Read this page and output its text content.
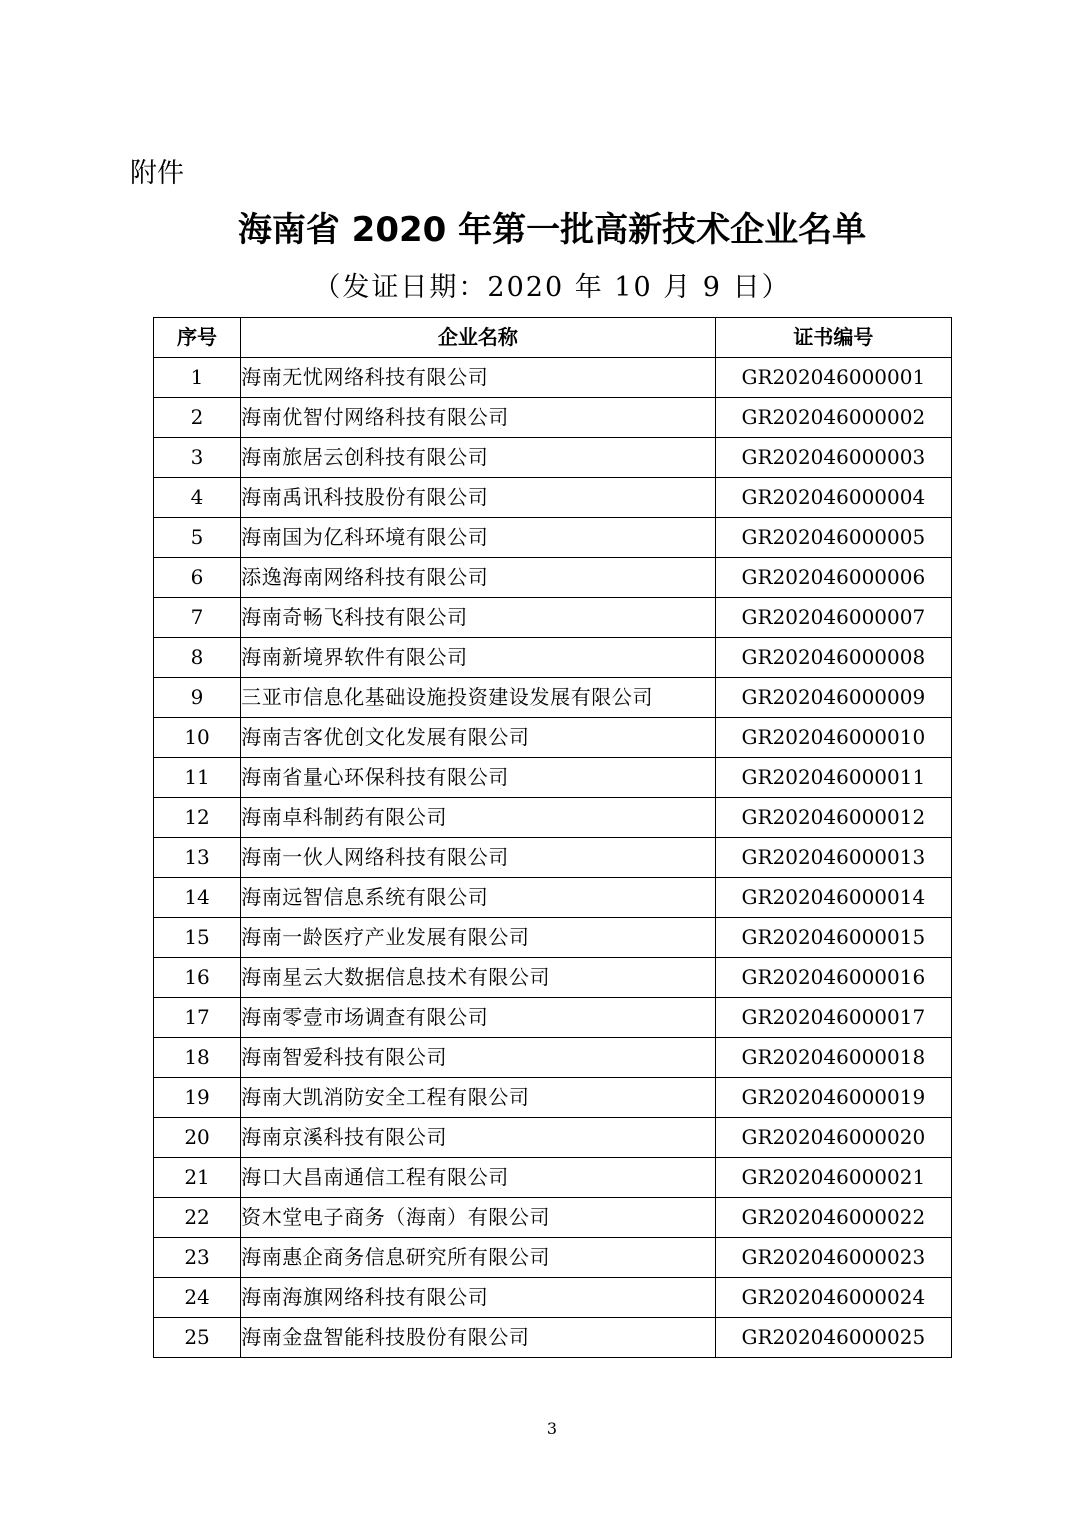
附件
海南省 2020 年第一批高新技术企业名单
（发证日期：2020 年 10 月 9 日）
序号	企业名称	证书编号
1	海南无忧网络科技有限公司	GR202046000001
2	海南优智付网络科技有限公司	GR202046000002
3	海南旅居云创科技有限公司	GR202046000003
4	海南禹讯科技股份有限公司	GR202046000004
5	海南国为亿科环境有限公司	GR202046000005
6	添逸海南网络科技有限公司	GR202046000006
7	海南奇畅飞科技有限公司	GR202046000007
8	海南新境界软件有限公司	GR202046000008
9	三亚市信息化基础设施投资建设发展有限公司	GR202046000009
10	海南吉客优创文化发展有限公司	GR202046000010
11	海南省量心环保科技有限公司	GR202046000011
12	海南卓科制药有限公司	GR202046000012
13	海南一伙人网络科技有限公司	GR202046000013
14	海南远智信息系统有限公司	GR202046000014
15	海南一龄医疗产业发展有限公司	GR202046000015
16	海南星云大数据信息技术有限公司	GR202046000016
17	海南零壹市场调查有限公司	GR202046000017
18	海南智爱科技有限公司	GR202046000018
19	海南大凯消防安全工程有限公司	GR202046000019
20	海南京溪科技有限公司	GR202046000020
21	海口大昌南通信工程有限公司	GR202046000021
22	资木堂电子商务（海南）有限公司	GR202046000022
23	海南惠企商务信息研究所有限公司	GR202046000023
24	海南海旗网络科技有限公司	GR202046000024
25	海南金盘智能科技股份有限公司	GR202046000025
3
